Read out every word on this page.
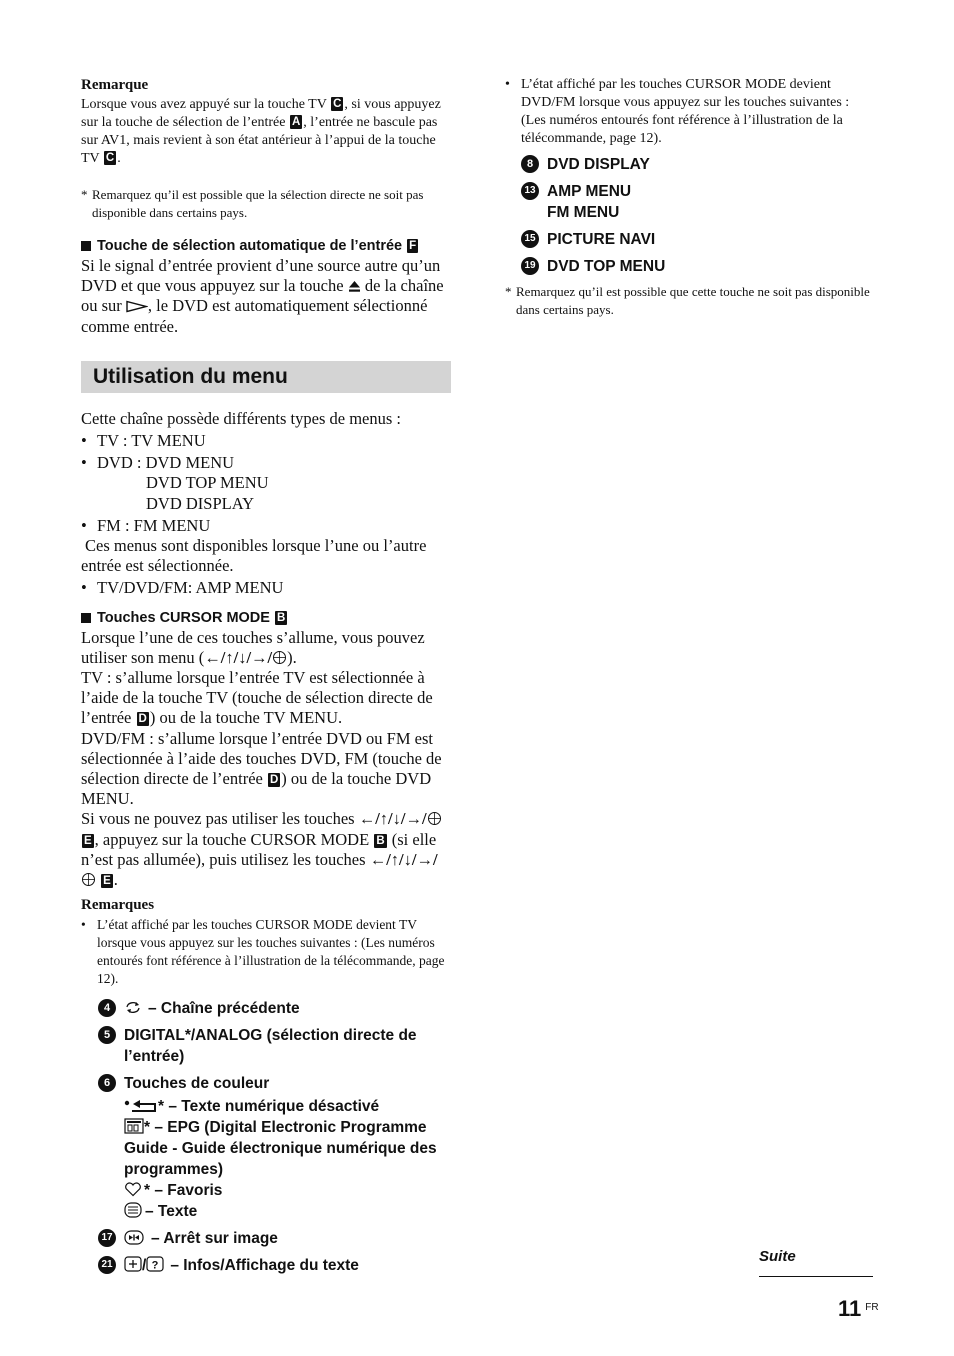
Remarque

Lorsque vous avez appuyé sur la touche TV C , si vous appuyez sur la touche de sélection de l’entrée A , l’entrée ne bascule pas sur AV1, mais revient à son état antérieur à l’appui de la touche TV C .

* Remarquez qu’il est possible que la sélection directe ne soit pas disponible dans certains pays.
Touche de sélection automatique de l’entrée F

Si le signal d’entrée provient d’une source autre qu’un DVD et que vous appuyez sur la touche de la chaîne ou sur , le DVD est automatiquement sélectionné comme entrée.

Utilisation du menu

Cette chaîne possède différents types de menus :

• TV : TV MENU
• DVD : DVD MENU

DVD TOP MENU

DVD DISPLAY

• FM : FM MENU

Ces menus sont disponibles lorsque l’une ou l’autre entrée est sélectionnée.

• TV/DVD/FM: AMP MENU
Touches CURSOR MODE B

Lorsque l’une de ces touches s’allume, vous pouvez utiliser son menu (←/↑/↓/→/ ).

TV : s’allume lorsque l’entrée TV est sélectionnée à l’aide de la touche TV (touche de sélection directe de l’entrée D ) ou de la touche TV MENU.

DVD/FM : s’allume lorsque l’entrée DVD ou FM est sélectionnée à l’aide des touches DVD, FM (touche de sélection directe de l’entrée D ) ou de la touche DVD MENU.

Si vous ne pouvez pas utiliser les touches ←/↑/↓/→/ E , appuyez sur la touche CURSOR MODE B (si elle n’est pas allumée), puis utilisez les touches ←/↑/↓/→/ E .

Remarques

• L’état affiché par les touches CURSOR MODE devient TV lorsque vous appuyez sur les touches suivantes : (Les numéros entourés font référence à l’illustration de la télécommande, page 12).
4	– Chaîne précédente
5 DIGITAL*/ANALOG (sélection directe de l’entrée)
6 Touches de couleur
* – Texte numérique désactivé
* – EPG (Digital Electronic Programme Guide - Guide électronique numérique des programmes)
* – Favoris
– Texte
17	– Arrêt sur image
21	/ ? – Infos/Affichage du texte
• L’état affiché par les touches CURSOR MODE devient DVD/FM lorsque vous appuyez sur les touches suivantes : (Les numéros entourés font référence à l’illustration de la télécommande, page 12).
8 DVD DISPLAY
13 AMP MENU
FM MENU
15 PICTURE NAVI
19 DVD TOP MENU
* Remarquez qu’il est possible que cette touche ne soit pas disponible dans certains pays.
Suite
11 $^{FR}$
